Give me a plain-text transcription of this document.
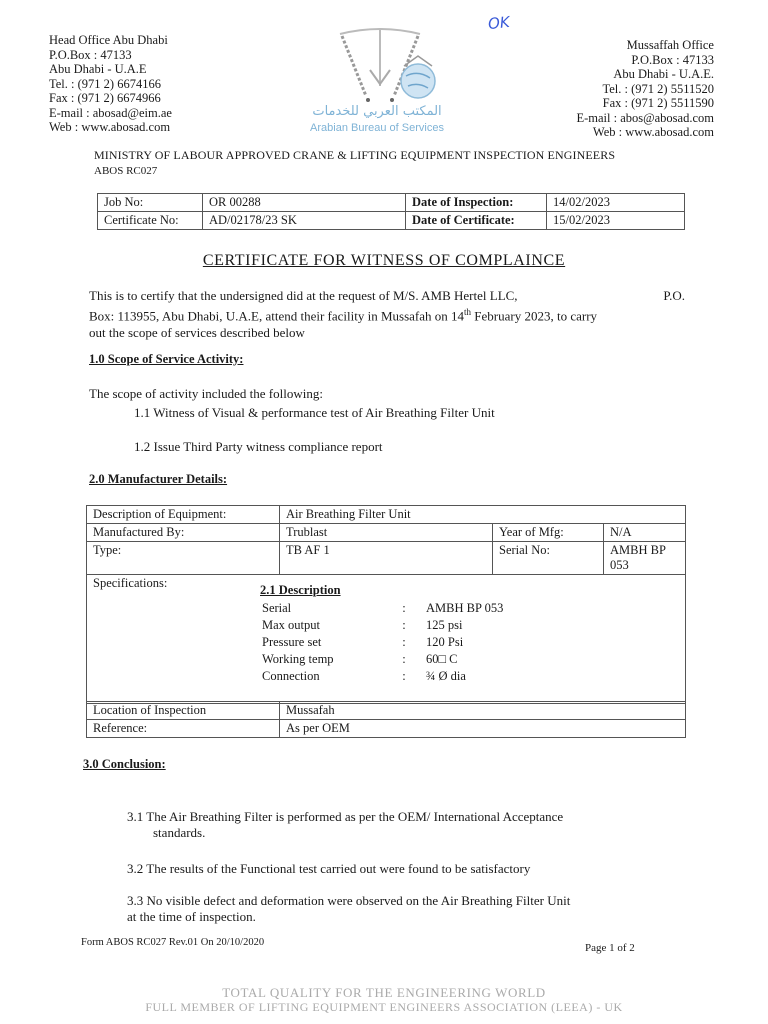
OK
Head Office Abu Dhabi
P.O.Box : 47133
Abu Dhabi - U.A.E
Tel. : (971 2) 6674166
Fax : (971 2) 6674966
E-mail : abosad@eim.ae
Web : www.abosad.com
المكتب العربي للخدمات
Arabian Bureau of Services
Mussaffah Office
P.O.Box : 47133
Abu Dhabi - U.A.E.
Tel. : (971 2) 5511520
Fax : (971 2) 5511590
E-mail : abos@abosad.com
Web : www.abosad.com
MINISTRY OF LABOUR APPROVED CRANE & LIFTING EQUIPMENT INSPECTION ENGINEERS
ABOS RC027
Job No:	OR 00288	Date of Inspection:	14/02/2023
Certificate No:	AD/02178/23 SK	Date of Certificate:	15/02/2023
CERTIFICATE FOR WITNESS OF COMPLAINCE
P.O.
This is to certify that the undersigned did at the request of M/S. AMB Hertel LLC,
Box: 113955, Abu Dhabi, U.A.E, attend their facility in Mussafah on 14th February 2023, to carry
out the scope of services described below
1.0 Scope of Service Activity:
The scope of activity included the following:
1.1 Witness of Visual & performance test of Air Breathing Filter Unit
1.2 Issue Third Party witness compliance report
2.0 Manufacturer Details:
Description of Equipment:	Air Breathing Filter Unit		
Manufactured By:	Trublast	Year of Mfg:	N/A
Type:	TB AF 1	Serial No:	AMBH BP 053
Specifications:				2.1 Description
Serial	:	AMBH BP 053
Max output	:	125 psi
Pressure set	:	120 Psi
Working temp	:	60□ C
Connection	:	¾ Ø dia
Location of Inspection	Mussafah
Reference:	As per OEM
3.0 Conclusion:
3.1 The Air Breathing Filter is performed as per the OEM/ International Acceptance
standards.
3.2 The results of the Functional test carried out were found to be satisfactory
3.3 No visible defect and deformation were observed on the Air Breathing Filter Unit
at the time of inspection.
Form ABOS RC027 Rev.01 On 20/10/2020	Page 1 of 2
TOTAL QUALITY FOR THE ENGINEERING WORLD
FULL MEMBER OF LIFTING EQUIPMENT ENGINEERS ASSOCIATION (LEEA) - UK
